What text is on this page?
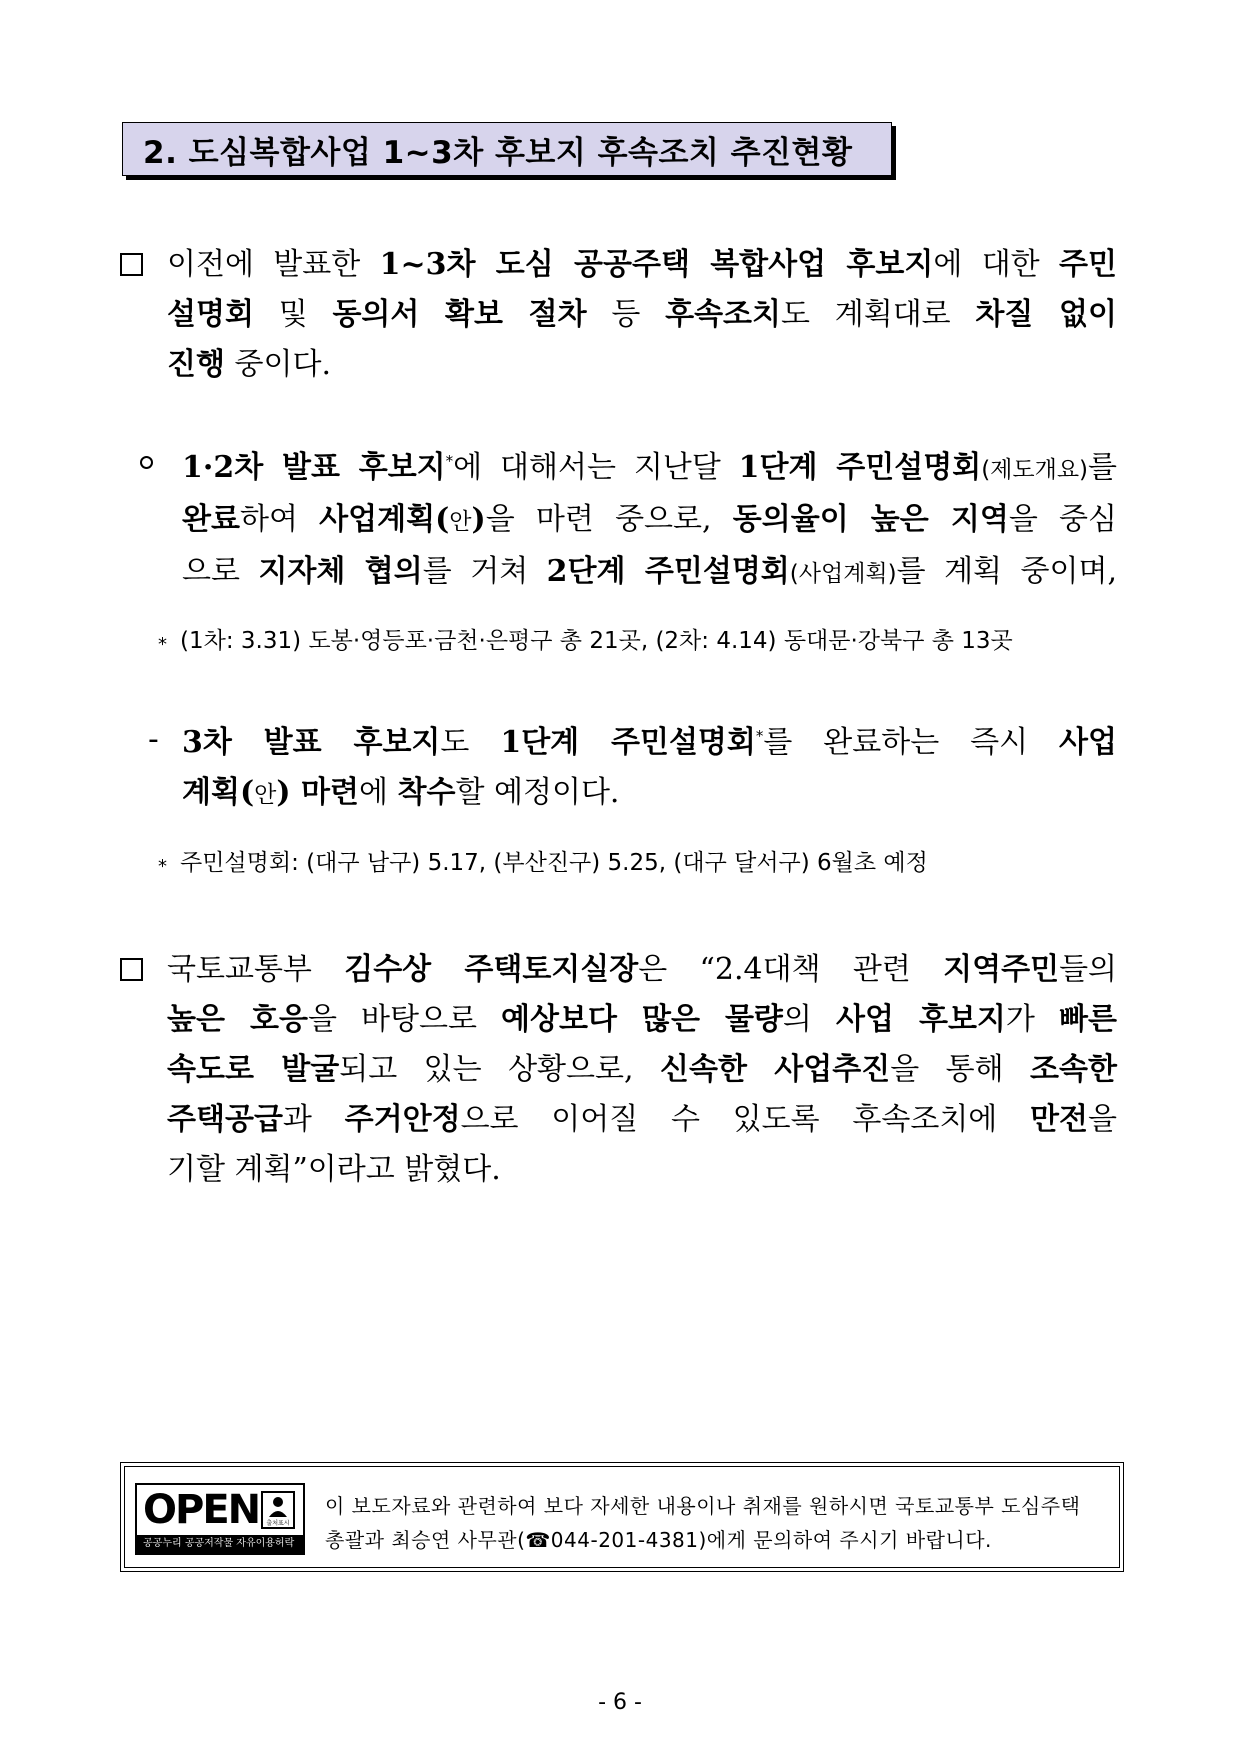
2. 도심복합사업 1~3차 후보지 후속조치 추진현황
이전에 발표한 1~3차 도심 공공주택 복합사업 후보지에 대한 주민
설명회 및 동의서 확보 절차 등 후속조치도 계획대로 차질 없이
진행 중이다.
1·2차 발표 후보지*에 대해서는 지난달 1단계 주민설명회(제도개요)를
완료하여 사업계획(안)을 마련 중으로, 동의율이 높은 지역을 중심
으로 지자체 협의를 거쳐 2단계 주민설명회(사업계획)를 계획 중이며,
* (1차: 3.31) 도봉·영등포·금천·은평구 총 21곳, (2차: 4.14) 동대문·강북구 총 13곳
- 3차 발표 후보지도 1단계 주민설명회*를 완료하는 즉시 사업
계획(안) 마련에 착수할 예정이다.
* 주민설명회: (대구 남구) 5.17, (부산진구) 5.25, (대구 달서구) 6월초 예정
국토교통부 김수상 주택토지실장은 “2.4대책 관련 지역주민들의
높은 호응을 바탕으로 예상보다 많은 물량의 사업 후보지가 빠른
속도로 발굴되고 있는 상황으로, 신속한 사업추진을 통해 조속한
주택공급과 주거안정으로 이어질 수 있도록 후속조치에 만전을
기할 계획”이라고 밝혔다.
OPEN 출처표시
공공누리 공공저작물 자유이용허락
이 보도자료와 관련하여 보다 자세한 내용이나 취재를 원하시면 국토교통부 도심주택
총괄과 최승연 사무관(☎044-201-4381)에게 문의하여 주시기 바랍니다.
- 6 -
